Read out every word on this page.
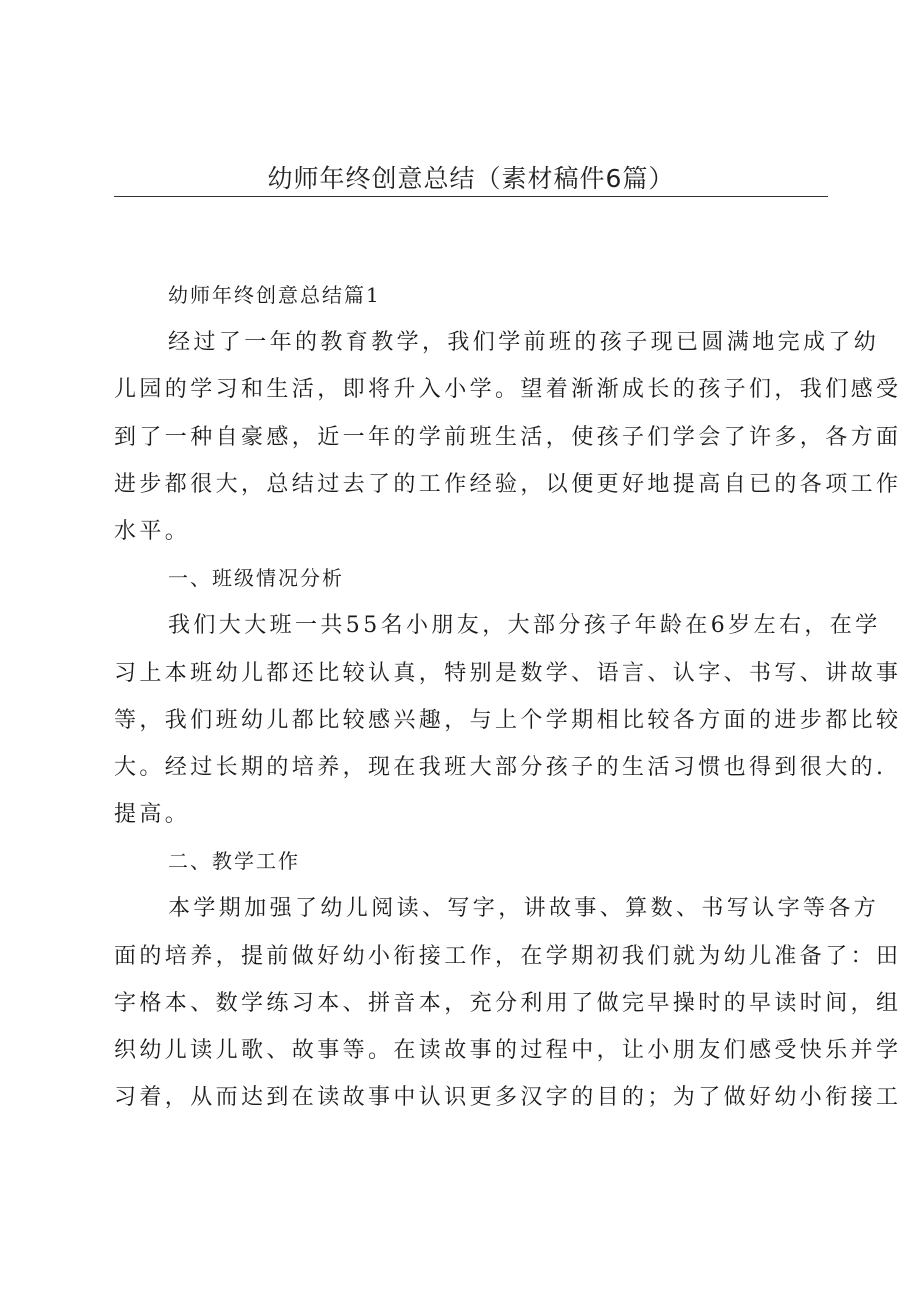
幼师年终创意总结（素材稿件6篇）

幼师年终创意总结篇1

经过了一年的教育教学，我们学前班的孩子现已圆满地完成了幼

儿园的学习和生活，即将升入小学。望着渐渐成长的孩子们，我们感受

到了一种自豪感，近一年的学前班生活，使孩子们学会了许多，各方面

进步都很大，总结过去了的工作经验，以便更好地提高自已的各项工作

水平。

一、班级情况分析

我们大大班一共55名小朋友，大部分孩子年龄在6岁左右，在学

习上本班幼儿都还比较认真，特别是数学、语言、认字、书写、讲故事

等，我们班幼儿都比较感兴趣，与上个学期相比较各方面的进步都比较

大。经过长期的培养，现在我班大部分孩子的生活习惯也得到很大的.

提高。

二、教学工作

本学期加强了幼儿阅读、写字，讲故事、算数、书写认字等各方

面的培养，提前做好幼小衔接工作，在学期初我们就为幼儿准备了：田

字格本、数学练习本、拼音本，充分利用了做完早操时的早读时间，组

织幼儿读儿歌、故事等。在读故事的过程中，让小朋友们感受快乐并学

习着，从而达到在读故事中认识更多汉字的目的；为了做好幼小衔接工
